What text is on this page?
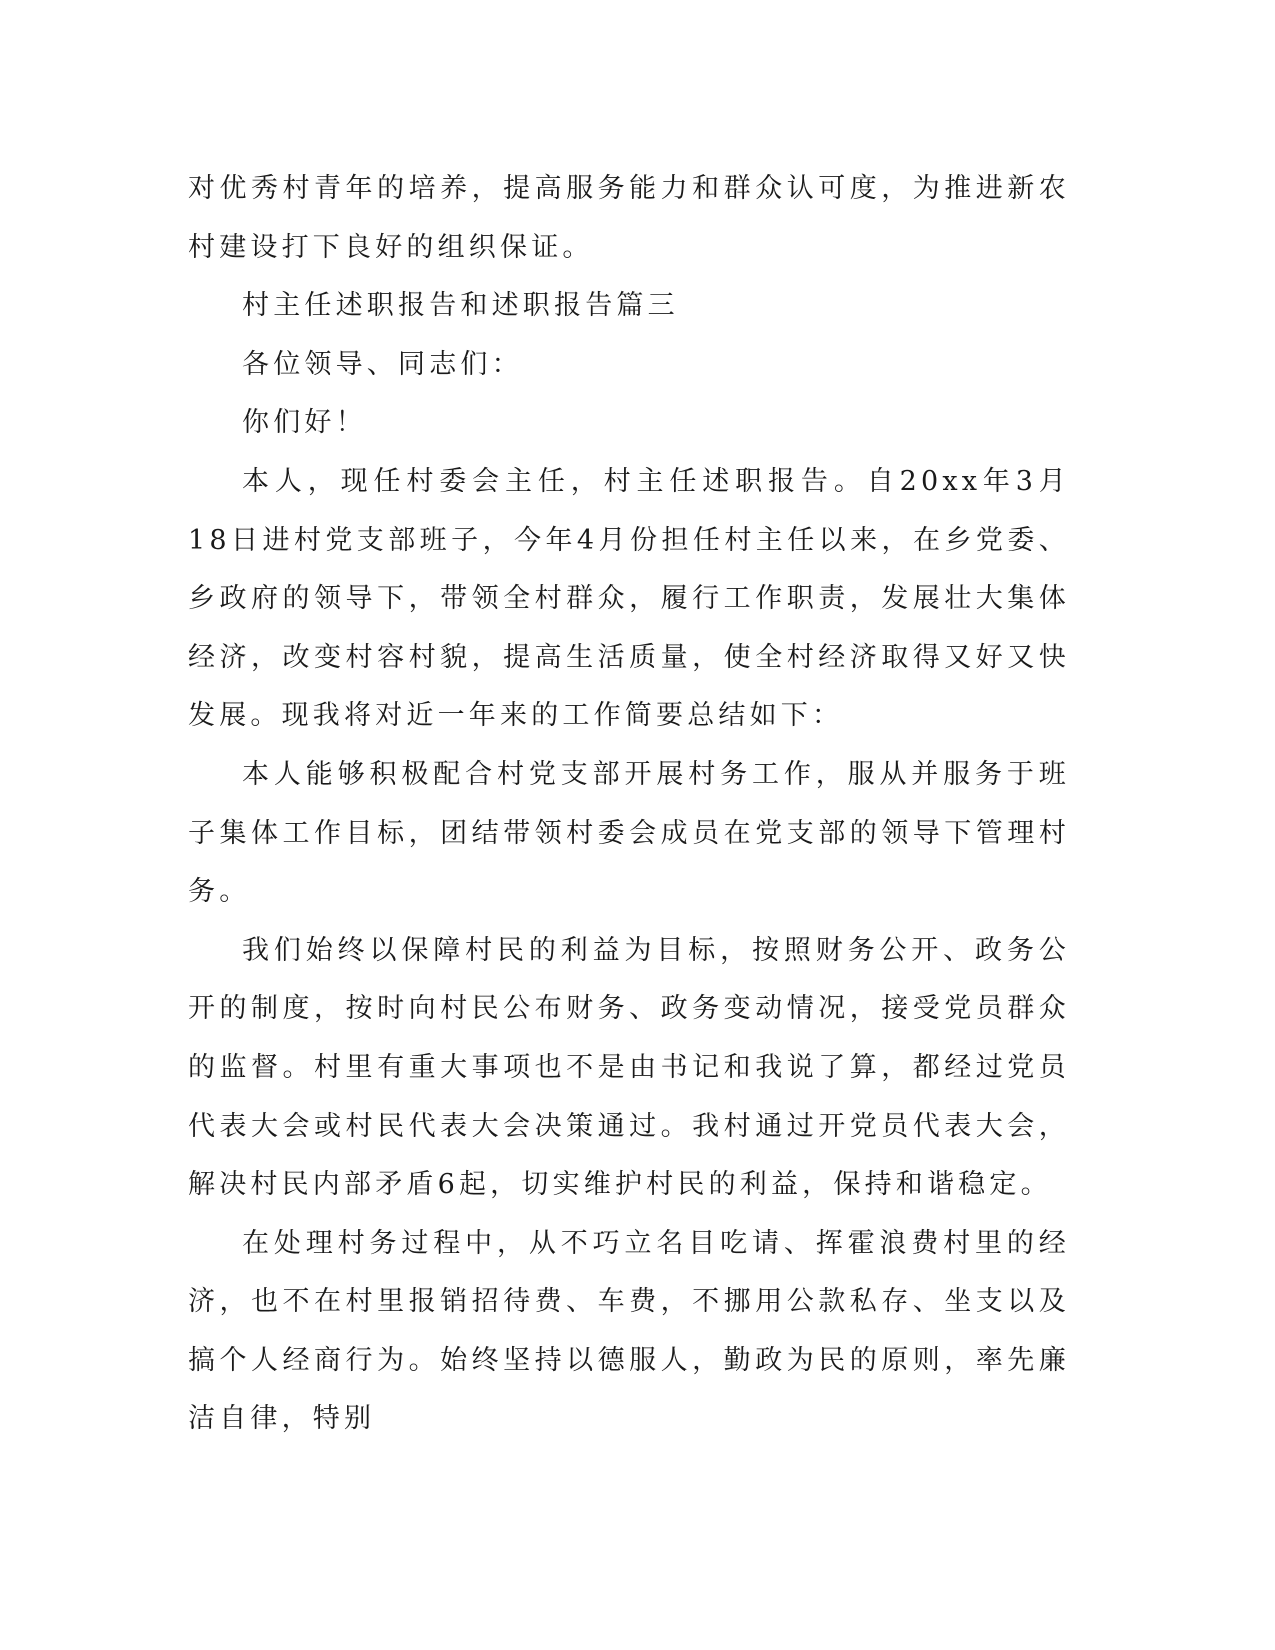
对优秀村青年的培养，提高服务能力和群众认可度，为推进新农村建设打下良好的组织保证。

村主任述职报告和述职报告篇三

各位领导、同志们：

你们好！

本人，现任村委会主任，村主任述职报告。自20xx年3月18日进村党支部班子，今年4月份担任村主任以来，在乡党委、乡政府的领导下，带领全村群众，履行工作职责，发展壮大集体经济，改变村容村貌，提高生活质量，使全村经济取得又好又快发展。现我将对近一年来的工作简要总结如下：

本人能够积极配合村党支部开展村务工作，服从并服务于班子集体工作目标，团结带领村委会成员在党支部的领导下管理村务。

我们始终以保障村民的利益为目标，按照财务公开、政务公开的制度，按时向村民公布财务、政务变动情况，接受党员群众的监督。村里有重大事项也不是由书记和我说了算，都经过党员代表大会或村民代表大会决策通过。我村通过开党员代表大会，解决村民内部矛盾6起，切实维护村民的利益，保持和谐稳定。

在处理村务过程中，从不巧立名目吃请、挥霍浪费村里的经济，也不在村里报销招待费、车费，不挪用公款私存、坐支以及搞个人经商行为。始终坚持以德服人，勤政为民的原则，率先廉洁自律，特别
